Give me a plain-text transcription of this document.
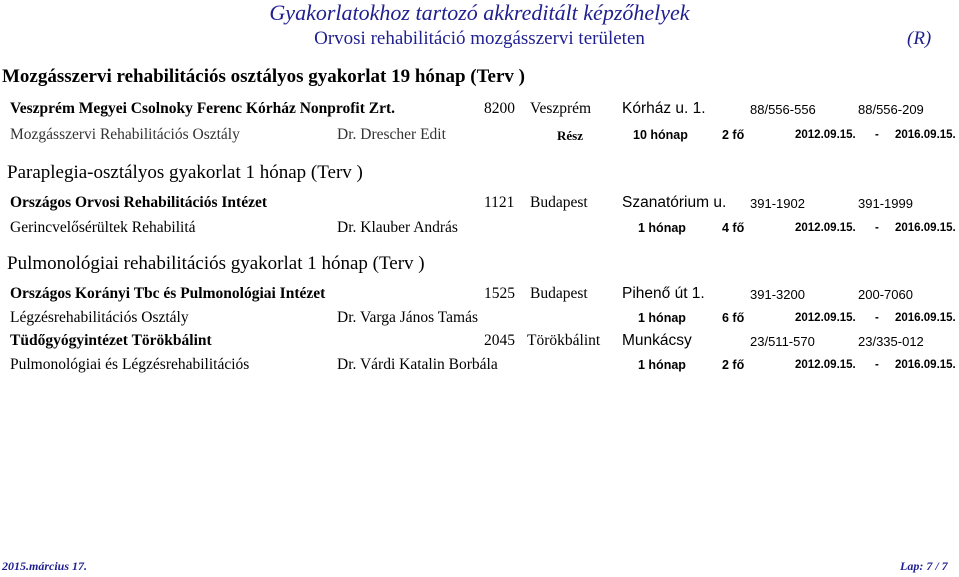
Gyakorlatokhoz tartozó akkreditált képzőhelyek
Orvosi rehabilitáció mozgásszervi területen	(R)
Mozgásszervi rehabilitációs osztályos gyakorlat 19 hónap (Terv )
Veszprém Megyei Csolnoky Ferenc Kórház Nonprofit Zrt.	8200 Veszprém Kórház u. 1.	88/556-556	88/556-209
Mozgásszervi Rehabilitációs Osztály	Dr. Drescher Edit	Rész	10 hónap	2 fő	2012.09.15. - 2016.09.15.
Paraplegia-osztályos gyakorlat 1 hónap (Terv )
Országos Orvosi Rehabilitációs Intézet	1121 Budapest Szanatórium u. 391-1902	391-1999
Gerincvelősérültek Rehabilitá	Dr. Klauber András	1 hónap	4 fő	2012.09.15. - 2016.09.15.
Pulmonológiai rehabilitációs gyakorlat 1 hónap (Terv )
Országos Korányi Tbc és Pulmonológiai Intézet	1525 Budapest Pihenő út 1.	391-3200	200-7060
Légzésrehabilitációs Osztály	Dr. Varga János Tamás	1 hónap	6 fő	2012.09.15. - 2016.09.15.
Tüdőgyógyintézet Törökbálint	2045 Törökbálint Munkácsy	23/511-570	23/335-012
Pulmonológiai és Légzésrehabilitációs	Dr. Várdi Katalin Borbála	1 hónap	2 fő	2012.09.15. - 2016.09.15.
2015.március 17.	Lap: 7 / 7
